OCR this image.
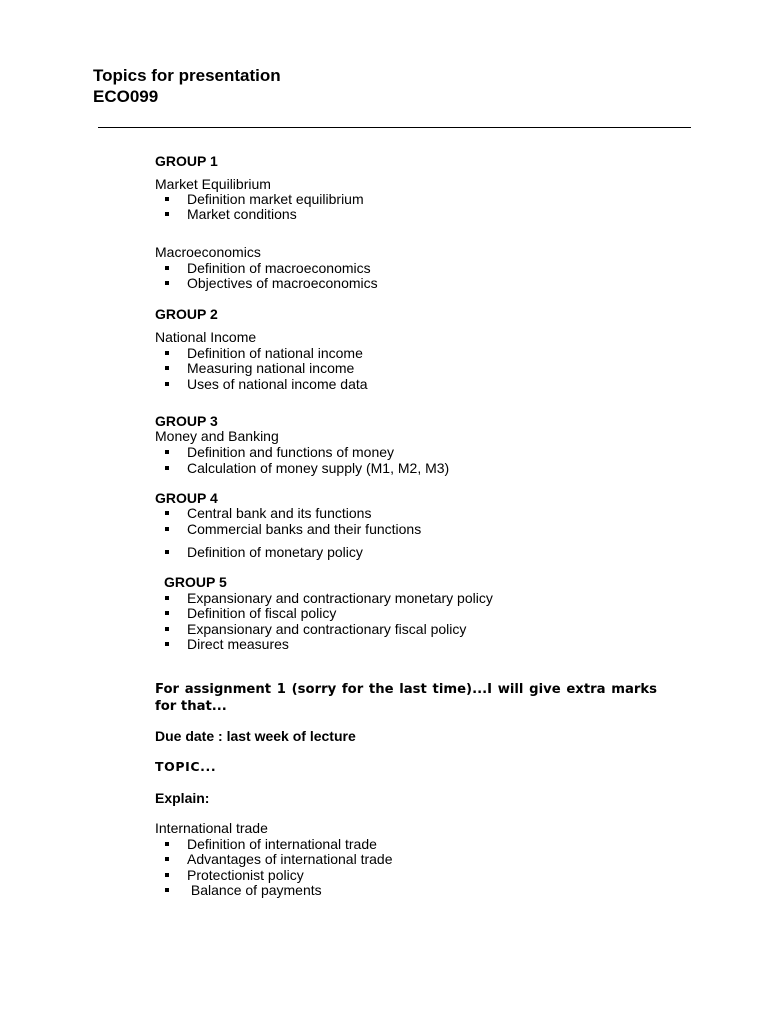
Topics for presentation
ECO099
GROUP 1
Market Equilibrium
Definition market equilibrium
Market conditions
Macroeconomics
Definition of macroeconomics
Objectives of macroeconomics
GROUP 2
National Income
Definition of national income
Measuring national income
Uses of national income data
GROUP 3
Money and Banking
Definition and functions of money
Calculation of money supply (M1, M2, M3)
GROUP 4
Central bank and its functions
Commercial banks and their functions
Definition of monetary policy
GROUP 5
Expansionary and contractionary monetary policy
Definition of fiscal policy
Expansionary and contractionary fiscal policy
Direct measures
For assignment 1 (sorry for the last time)...I will give extra marks for that...
Due date : last week of lecture
TOPIC...
Explain:
International trade
Definition of international trade
Advantages of international trade
Protectionist policy
Balance of payments
